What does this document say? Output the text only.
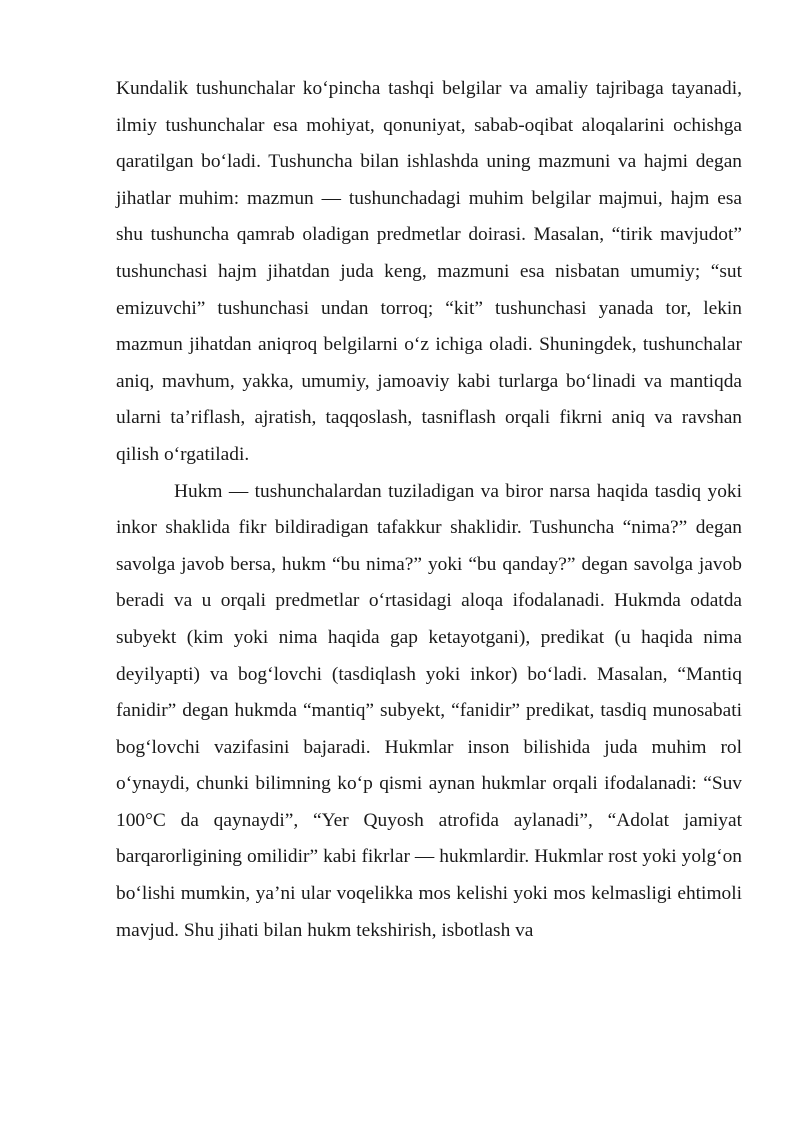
Kundalik tushunchalar koʻpincha tashqi belgilar va amaliy tajribaga tayanadi, ilmiy tushunchalar esa mohiyat, qonuniyat, sabab-oqibat aloqalarini ochishga qaratilgan boʻladi. Tushuncha bilan ishlashda uning mazmuni va hajmi degan jihatlar muhim: mazmun — tushunchadagi muhim belgilar majmui, hajm esa shu tushuncha qamrab oladigan predmetlar doirasi. Masalan, “tirik mavjudot” tushunchasi hajm jihatdan juda keng, mazmuni esa nisbatan umumiy; “sut emizuvchi” tushunchasi undan torroq; “kit” tushunchasi yanada tor, lekin mazmun jihatdan aniqroq belgilarni oʻz ichiga oladi. Shuningdek, tushunchalar aniq, mavhum, yakka, umumiy, jamoaviy kabi turlarga boʻlinadi va mantiqda ularni ta’riflash, ajratish, taqqoslash, tasniflash orqali fikrni aniq va ravshan qilish oʻrgatiladi.

Hukm — tushunchalardan tuziladigan va biror narsa haqida tasdiq yoki inkor shaklida fikr bildiradigan tafakkur shaklidir. Tushuncha “nima?” degan savolga javob bersa, hukm “bu nima?” yoki “bu qanday?” degan savolga javob beradi va u orqali predmetlar oʻrtasidagi aloqa ifodalanadi. Hukmda odatda subyekt (kim yoki nima haqida gap ketayotgani), predikat (u haqida nima deyilyapti) va bogʻlovchi (tasdiqlash yoki inkor) boʻladi. Masalan, “Mantiq fanidir” degan hukmda “mantiq” subyekt, “fanidir” predikat, tasdiq munosabati bogʻlovchi vazifasini bajaradi. Hukmlar inson bilishida juda muhim rol oʻynaydi, chunki bilimning koʻp qismi aynan hukmlar orqali ifodalanadi: “Suv 100°C da qaynaydi”, “Yer Quyosh atrofida aylanadi”, “Adolat jamiyat barqarorligining omilidir” kabi fikrlar — hukmlardir. Hukmlar rost yoki yolgʻon boʻlishi mumkin, ya’ni ular voqelikka mos kelishi yoki mos kelmasligi ehtimoli mavjud. Shu jihati bilan hukm tekshirish, isbotlash va
